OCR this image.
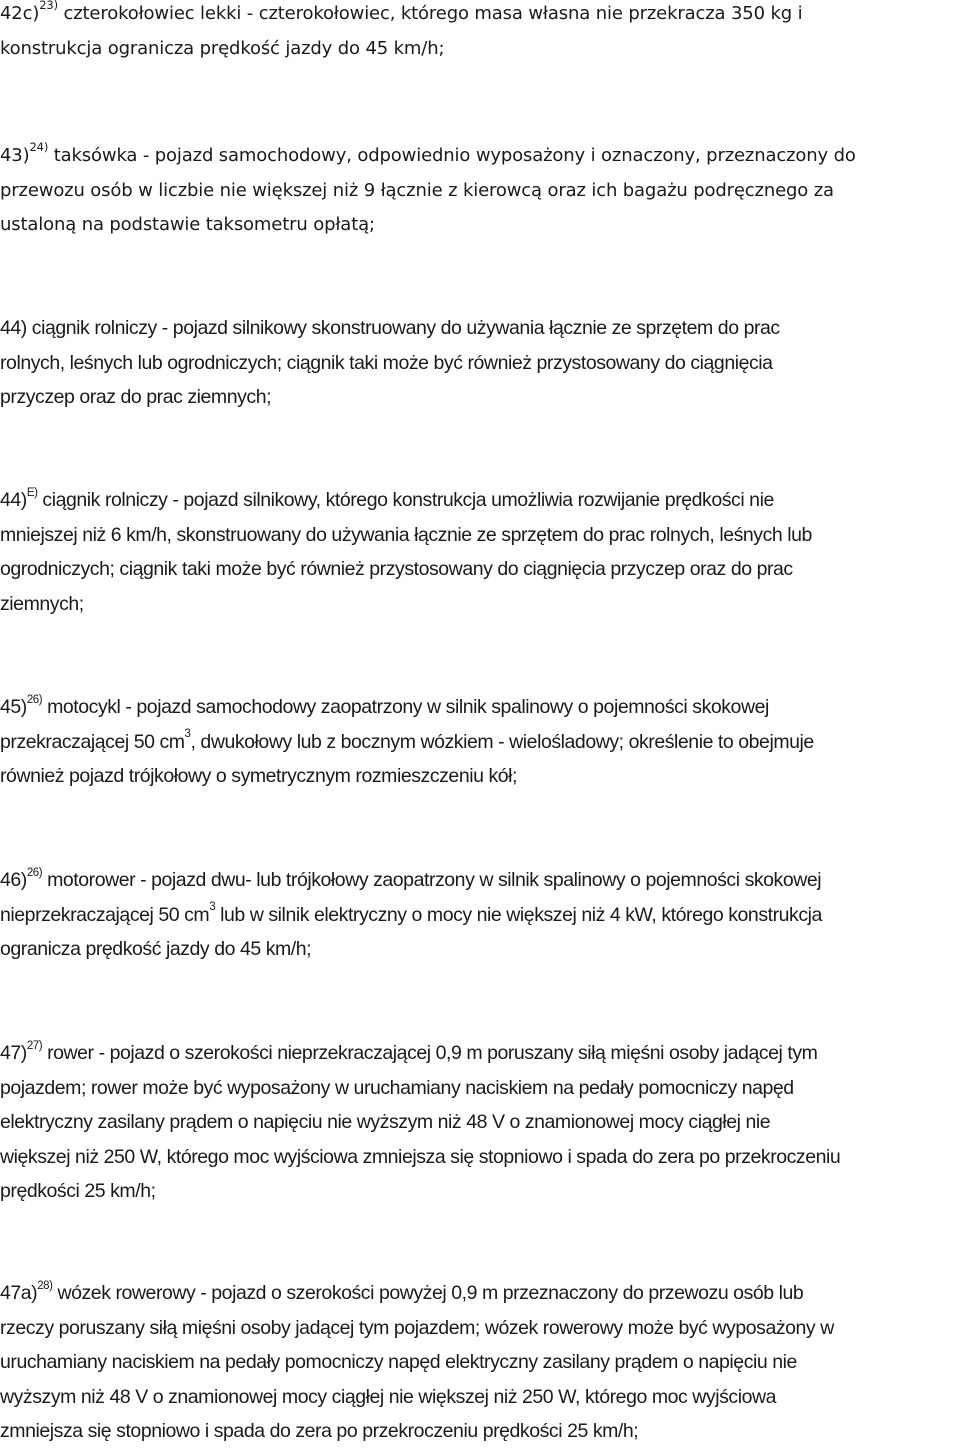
42c)$^{23)}$ czterokołowiec lekki - czterokołowiec, którego masa własna nie przekracza 350 kg i
konstrukcja ogranicza prędkość jazdy do 45 km/h;

43)$^{24)}$ taksówka - pojazd samochodowy, odpowiednio wyposażony i oznaczony, przeznaczony do
przewozu osób w liczbie nie większej niż 9 łącznie z kierowcą oraz ich bagażu podręcznego za
ustaloną na podstawie taksometru opłatą;

44) ciągnik rolniczy - pojazd silnikowy skonstruowany do używania łącznie ze sprzętem do prac
rolnych, leśnych lub ogrodniczych; ciągnik taki może być również przystosowany do ciągnięcia
przyczep oraz do prac ziemnych;

44)$^{E)}$ ciągnik rolniczy - pojazd silnikowy, którego konstrukcja umożliwia rozwijanie prędkości nie
mniejszej niż 6 km/h, skonstruowany do używania łącznie ze sprzętem do prac rolnych, leśnych lub
ogrodniczych; ciągnik taki może być również przystosowany do ciągnięcia przyczep oraz do prac
ziemnych;

45)$^{26)}$ motocykl - pojazd samochodowy zaopatrzony w silnik spalinowy o pojemności skokowej
przekraczającej 50 $cm^3$, dwukołowy lub z bocznym wózkiem - wielośladowy; określenie to obejmuje
również pojazd trójkołowy o symetrycznym rozmieszczeniu kół;

46)$^{26)}$ motorower - pojazd dwu- lub trójkołowy zaopatrzony w silnik spalinowy o pojemności skokowej
nieprzekraczającej 50 $cm^3$ lub w silnik elektryczny o mocy nie większej niż 4 kW, którego konstrukcja
ogranicza prędkość jazdy do 45 km/h;

47)$^{27)}$ rower - pojazd o szerokości nieprzekraczającej 0,9 m poruszany siłą mięśni osoby jadącej tym
pojazdem; rower może być wyposażony w uruchamiany naciskiem na pedały pomocniczy napęd
elektryczny zasilany prądem o napięciu nie wyższym niż 48 V o znamionowej mocy ciągłej nie
większej niż 250 W, którego moc wyjściowa zmniejsza się stopniowo i spada do zera po przekroczeniu
prędkości 25 km/h;

47a)$^{28)}$ wózek rowerowy - pojazd o szerokości powyżej 0,9 m przeznaczony do przewozu osób lub
rzeczy poruszany siłą mięśni osoby jadącej tym pojazdem; wózek rowerowy może być wyposażony w
uruchamiany naciskiem na pedały pomocniczy napęd elektryczny zasilany prądem o napięciu nie
wyższym niż 48 V o znamionowej mocy ciągłej nie większej niż 250 W, którego moc wyjściowa
zmniejsza się stopniowo i spada do zera po przekroczeniu prędkości 25 km/h;
